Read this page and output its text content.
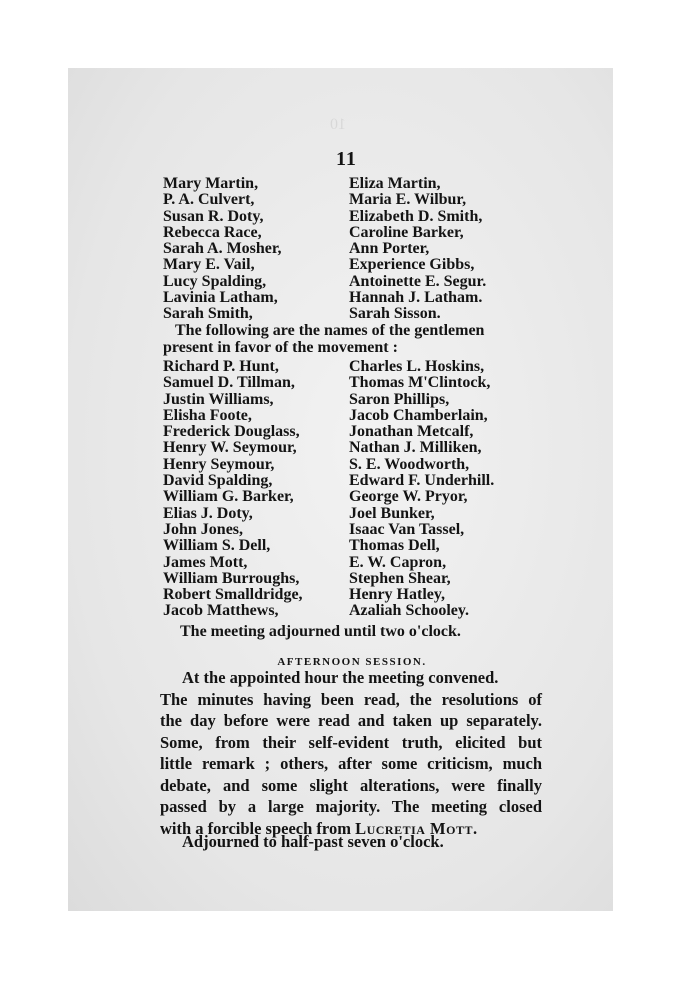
10
11
Mary Martin,	Eliza Martin,
P. A. Culvert,	Maria E. Wilbur,
Susan R. Doty,	Elizabeth D. Smith,
Rebecca Race,	Caroline Barker,
Sarah A. Mosher,	Ann Porter,
Mary E. Vail,	Experience Gibbs,
Lucy Spalding,	Antoinette E. Segur.
Lavinia Latham,	Hannah J. Latham.
Sarah Smith,	Sarah Sisson.
The following are the names of the gentlemen
present in favor of the movement :
Richard P. Hunt,	Charles L. Hoskins,
Samuel D. Tillman,	Thomas M'Clintock,
Justin Williams,	Saron Phillips,
Elisha Foote,	Jacob Chamberlain,
Frederick Douglass,	Jonathan Metcalf,
Henry W. Seymour,	Nathan J. Milliken,
Henry Seymour,	S. E. Woodworth,
David Spalding,	Edward F. Underhill.
William G. Barker,	George W. Pryor,
Elias J. Doty,	Joel Bunker,
John Jones,	Isaac Van Tassel,
William S. Dell,	Thomas Dell,
James Mott,	E. W. Capron,
William Burroughs,	Stephen Shear,
Robert Smalldridge,	Henry Hatley,
Jacob Matthews,	Azaliah Schooley.
The meeting adjourned until two o'clock.
AFTERNOON SESSION.
At the appointed hour the meeting convened.
The minutes having been read, the resolutions of
the day before were read and taken up separately.
Some, from their self-evident truth, elicited but
little remark ; others, after some criticism, much
debate, and some slight alterations, were finally
passed by a large majority. The meeting closed
with a forcible speech from Lucretia Mott.
Adjourned to half-past seven o'clock.
